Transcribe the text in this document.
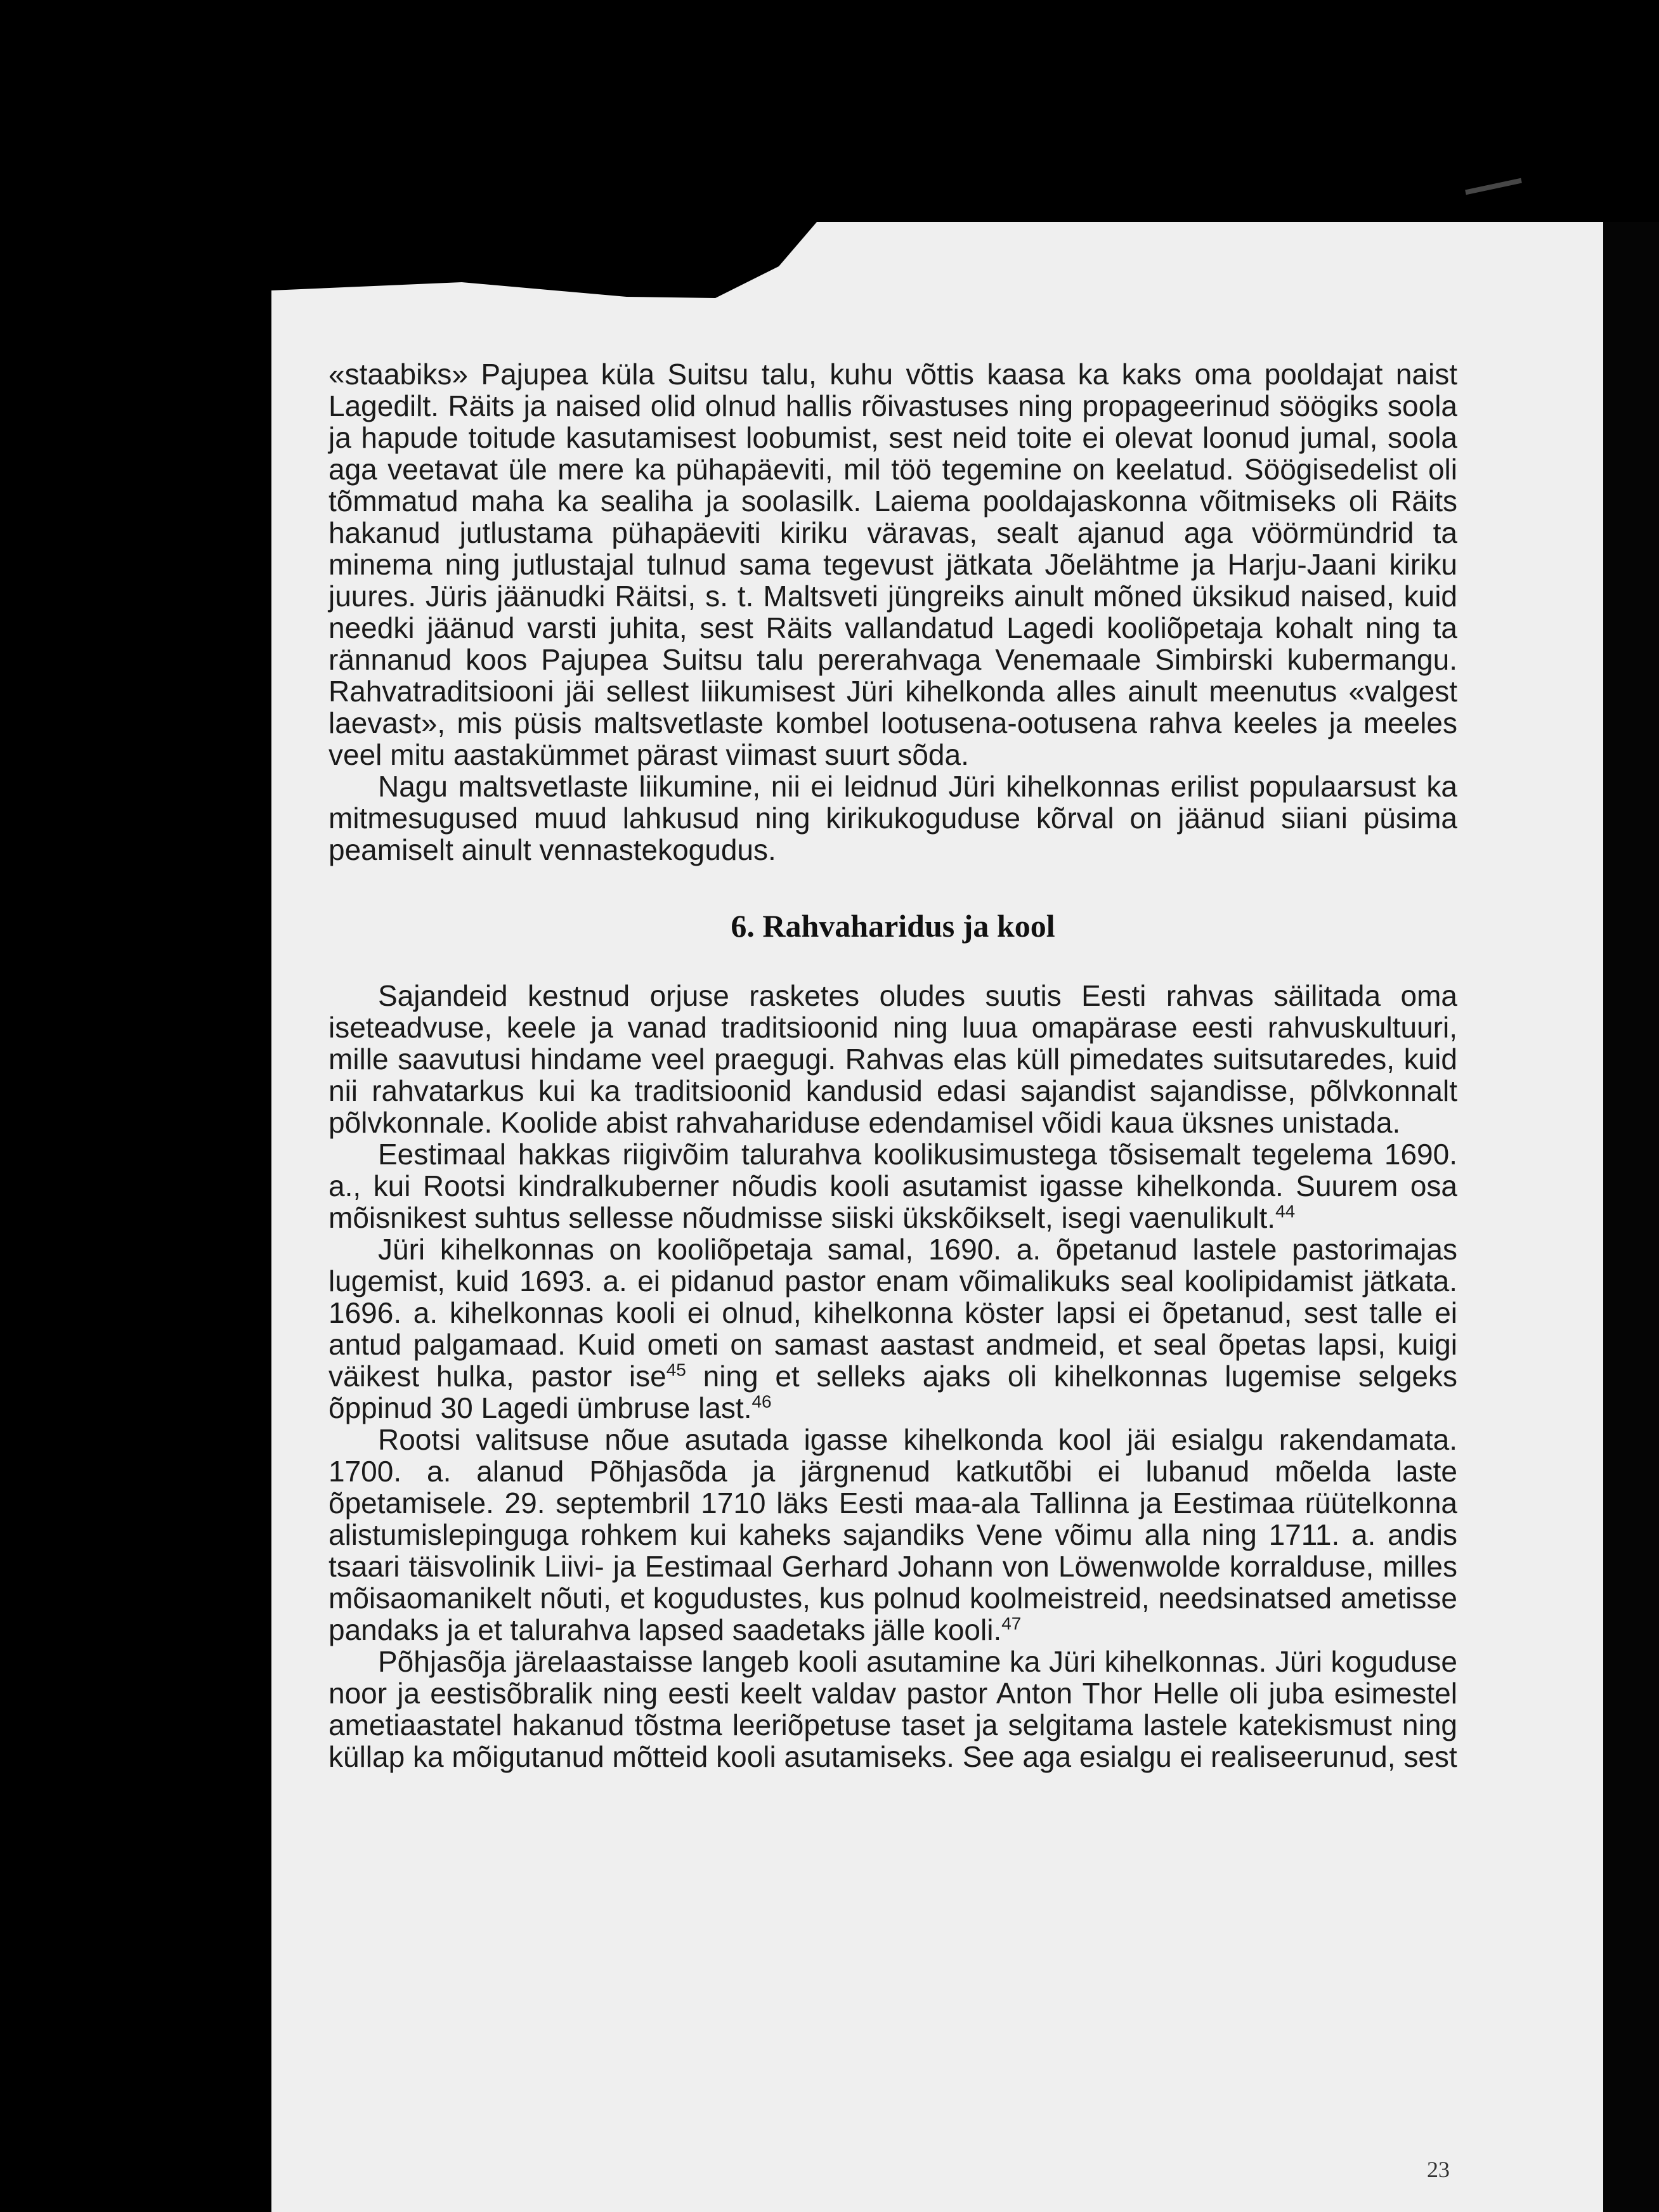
«staabiks» Pajupea küla Suitsu talu, kuhu võttis kaasa ka kaks oma pooldajat naist Lagedilt. Räits ja naised olid olnud hallis rõivastuses ning propageerinud söögiks soola ja hapude toitude kasutamisest loobumist, sest neid toite ei olevat loonud jumal, soola aga veetavat üle mere ka pühapäeviti, mil töö tegemine on keelatud. Söögisedelist oli tõmmatud maha ka sealiha ja soolasilk. Laiema pooldajaskonna võitmiseks oli Räits hakanud jutlustama pühapäeviti kiriku väravas, sealt ajanud aga vöörmündrid ta minema ning jutlustajal tulnud sama tegevust jätkata Jõelähtme ja Harju-Jaani kiriku juures. Jüris jäänudki Räitsi, s. t. Maltsveti jüngreiks ainult mõned üksikud naised, kuid needki jäänud varsti juhita, sest Räits vallandatud Lagedi kooliõpetaja kohalt ning ta rännanud koos Pajupea Suitsu talu pererahvaga Venemaale Simbirski kubermangu. Rahvatraditsiooni jäi sellest liikumisest Jüri kihelkonda alles ainult meenutus «valgest laevast», mis püsis maltsvetlaste kombel lootusena-ootusena rahva keeles ja meeles veel mitu aastakümmet pärast viimast suurt sõda.

Nagu maltsvetlaste liikumine, nii ei leidnud Jüri kihelkonnas erilist populaarsust ka mitmesugused muud lahkusud ning kirikukoguduse kõrval on jäänud siiani püsima peamiselt ainult vennastekogudus.

6. Rahvaharidus ja kool

Sajandeid kestnud orjuse rasketes oludes suutis Eesti rahvas säilitada oma iseteadvuse, keele ja vanad traditsioonid ning luua omapärase eesti rahvuskultuuri, mille saavutusi hindame veel praegugi. Rahvas elas küll pimedates suitsutaredes, kuid nii rahvatarkus kui ka traditsioonid kandusid edasi sajandist sajandisse, põlvkonnalt põlvkonnale. Koolide abist rahvahariduse edendamisel võidi kaua üksnes unistada.

Eestimaal hakkas riigivõim talurahva koolikusimustega tõsisemalt tegelema 1690. a., kui Rootsi kindralkuberner nõudis kooli asutamist igasse kihelkonda. Suurem osa mõisnikest suhtus sellesse nõudmisse siiski ükskõikselt, isegi vaenulikult.$^{44}$

Jüri kihelkonnas on kooliõpetaja samal, 1690. a. õpetanud lastele pastorimajas lugemist, kuid 1693. a. ei pidanud pastor enam võimalikuks seal koolipidamist jätkata. 1696. a. kihelkonnas kooli ei olnud, kihelkonna köster lapsi ei õpetanud, sest talle ei antud palgamaad. Kuid ometi on samast aastast andmeid, et seal õpetas lapsi, kuigi väikest hulka, pastor ise$^{45}$ ning et selleks ajaks oli kihelkonnas lugemise selgeks õppinud 30 Lagedi ümbruse last.$^{46}$

Rootsi valitsuse nõue asutada igasse kihelkonda kool jäi esialgu rakendamata. 1700. a. alanud Põhjasõda ja järgnenud katkutõbi ei lubanud mõelda laste õpetamisele. 29. septembril 1710 läks Eesti maa-ala Tallinna ja Eestimaa rüütelkonna alistumislepinguga rohkem kui kaheks sajandiks Vene võimu alla ning 1711. a. andis tsaari täisvolinik Liivi- ja Eestimaal Gerhard Johann von Löwenwolde korralduse, milles mõisaomanikelt nõuti, et kogudustes, kus polnud koolmeistreid, needsinatsed ametisse pandaks ja et talurahva lapsed saadetaks jälle kooli.$^{47}$

Põhjasõja järelaastaisse langeb kooli asutamine ka Jüri kihelkonnas. Jüri koguduse noor ja eestisõbralik ning eesti keelt valdav pastor Anton Thor Helle oli juba esimestel ametiaastatel hakanud tõstma leeriõpetuse taset ja selgitama lastele katekismust ning küllap ka mõigutanud mõtteid kooli asutamiseks. See aga esialgu ei realiseerunud, sest

23
